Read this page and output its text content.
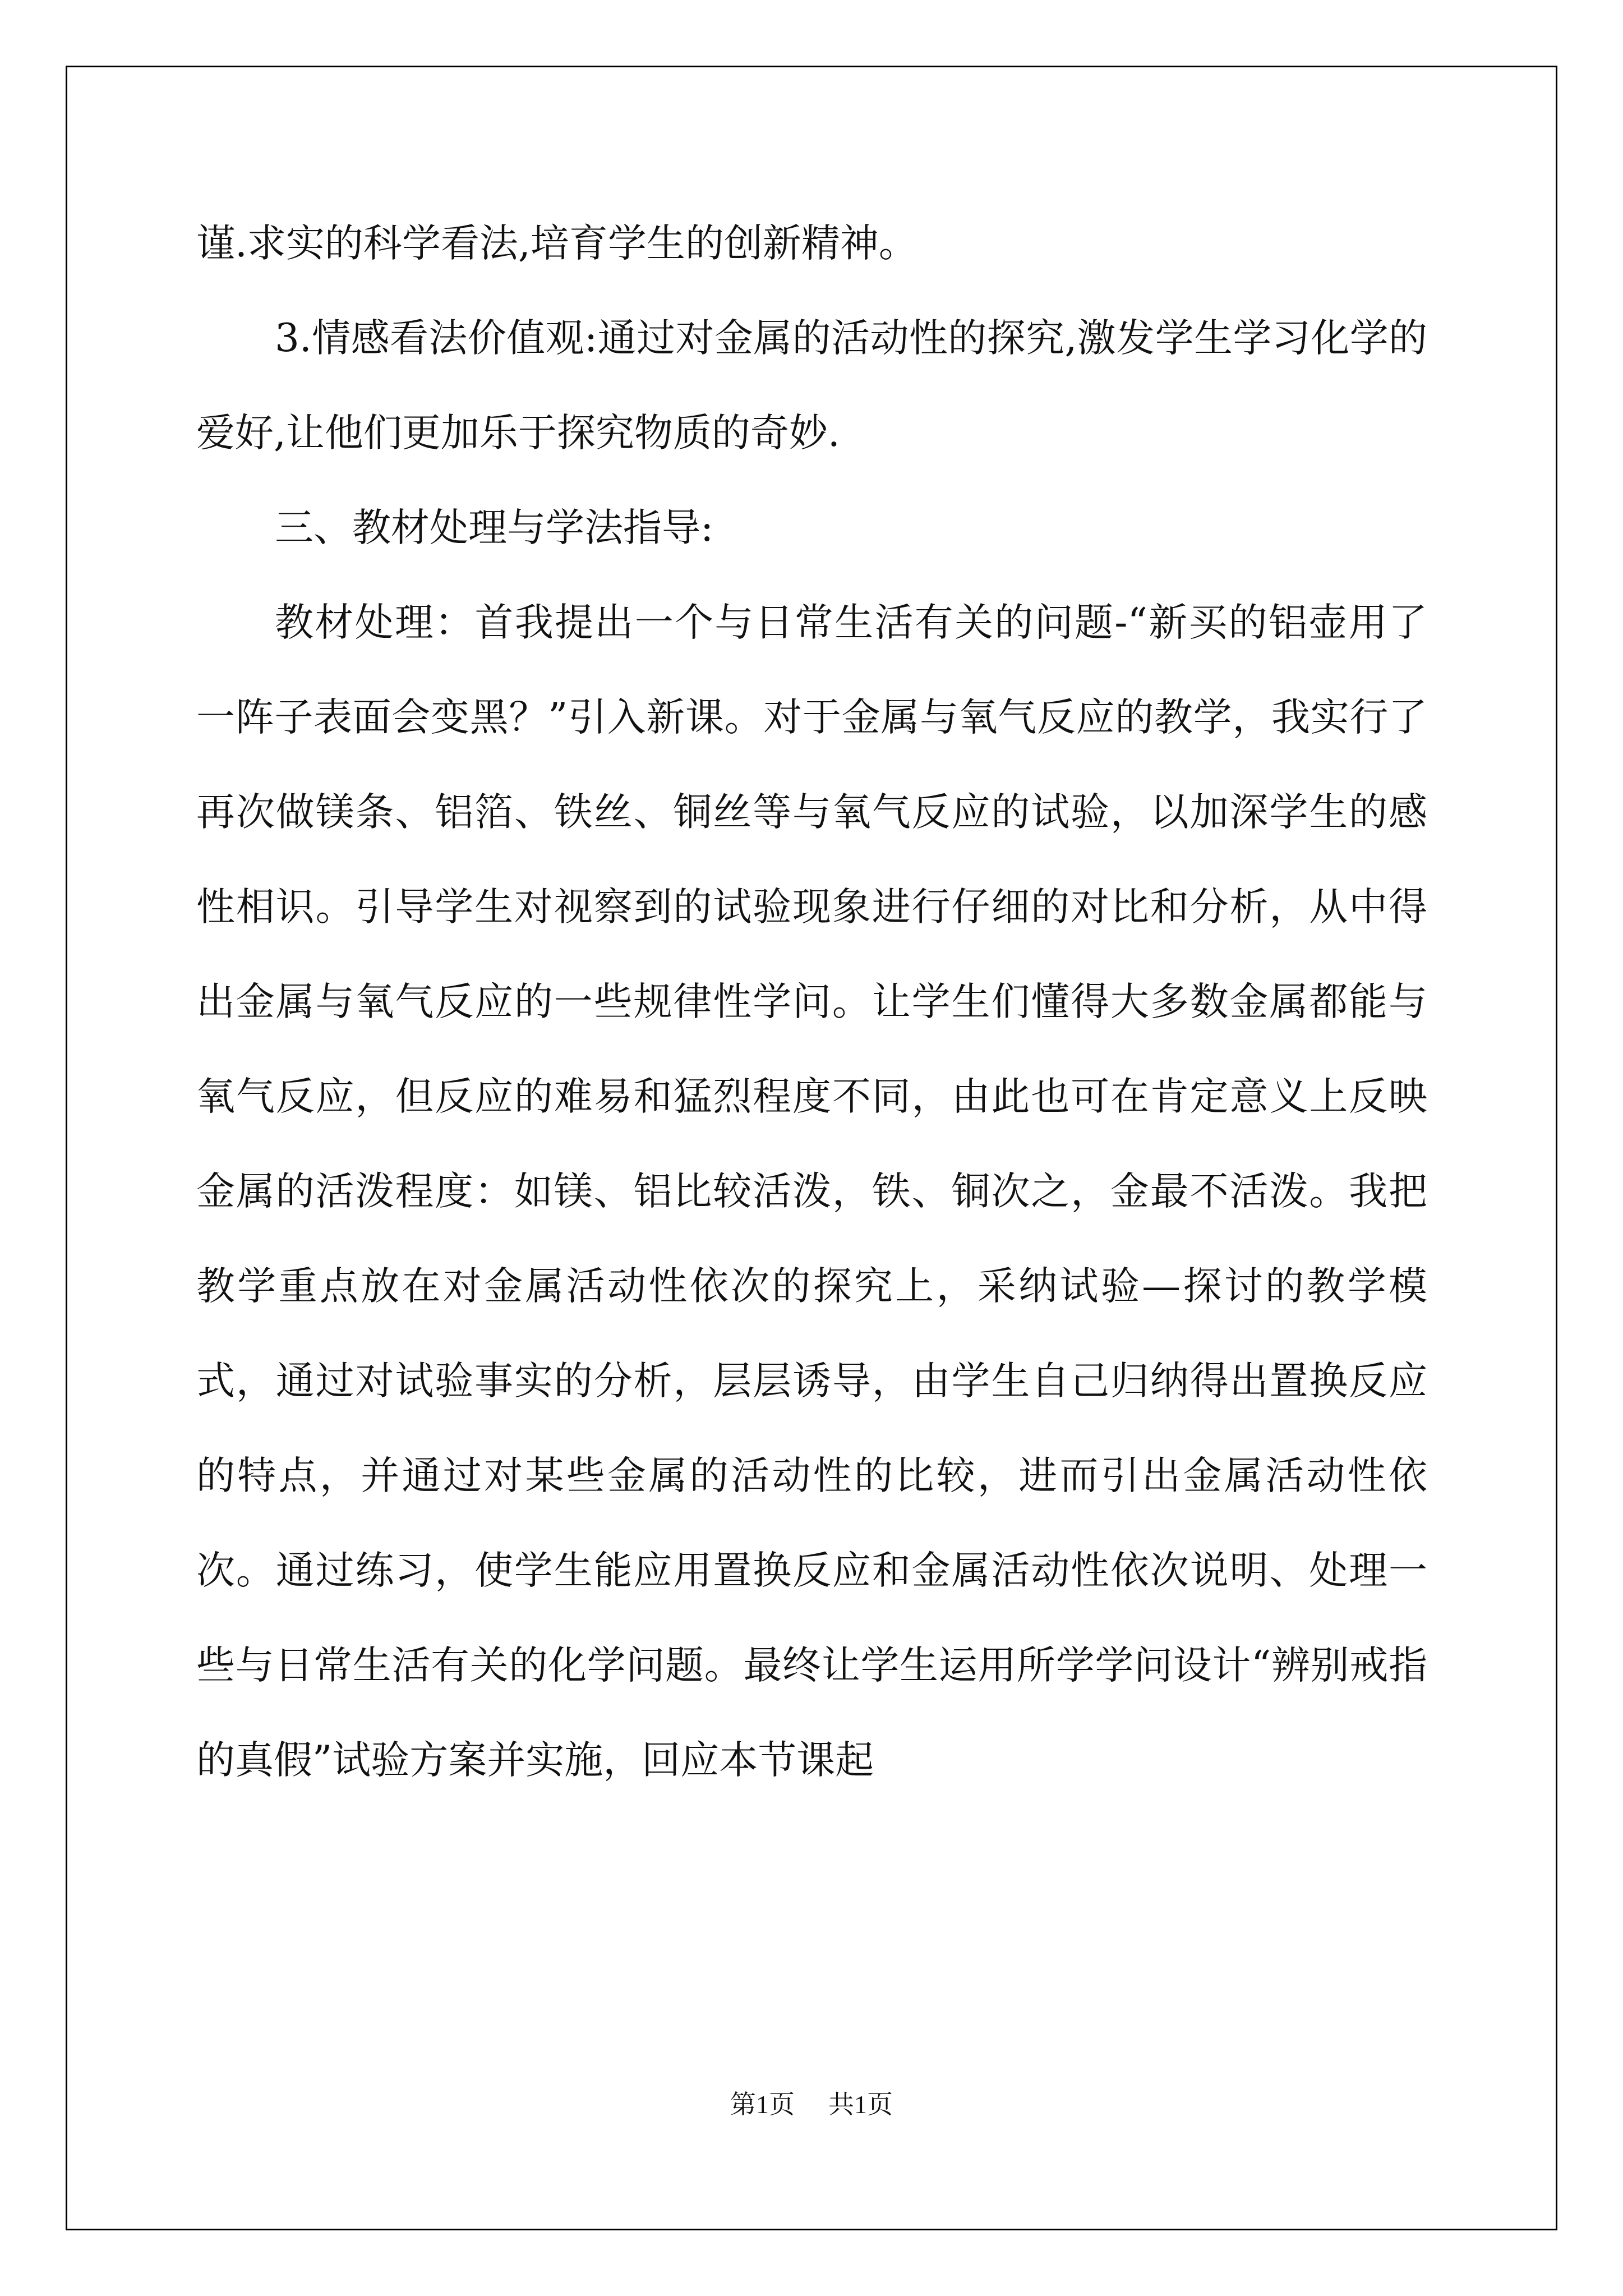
谨.求实的科学看法,培育学生的创新精神。

3.情感看法价值观:通过对金属的活动性的探究,激发学生学习化学的爱好,让他们更加乐于探究物质的奇妙.

三、教材处理与学法指导:

教材处理：首我提出一个与日常生活有关的问题-“新买的铝壶用了一阵子表面会变黑？”引入新课。对于金属与氧气反应的教学，我实行了再次做镁条、铝箔、铁丝、铜丝等与氧气反应的试验，以加深学生的感性相识。引导学生对视察到的试验现象进行仔细的对比和分析，从中得出金属与氧气反应的一些规律性学问。让学生们懂得大多数金属都能与氧气反应，但反应的难易和猛烈程度不同，由此也可在肯定意义上反映金属的活泼程度：如镁、铝比较活泼，铁、铜次之，金最不活泼。我把教学重点放在对金属活动性依次的探究上，采纳试验—探讨的教学模式，通过对试验事实的分析，层层诱导，由学生自己归纳得出置换反应的特点，并通过对某些金属的活动性的比较，进而引出金属活动性依次。通过练习，使学生能应用置换反应和金属活动性依次说明、处理一些与日常生活有关的化学问题。最终让学生运用所学学问设计“辨别戒指的真假”试验方案并实施，回应本节课起

第1页 共1页
